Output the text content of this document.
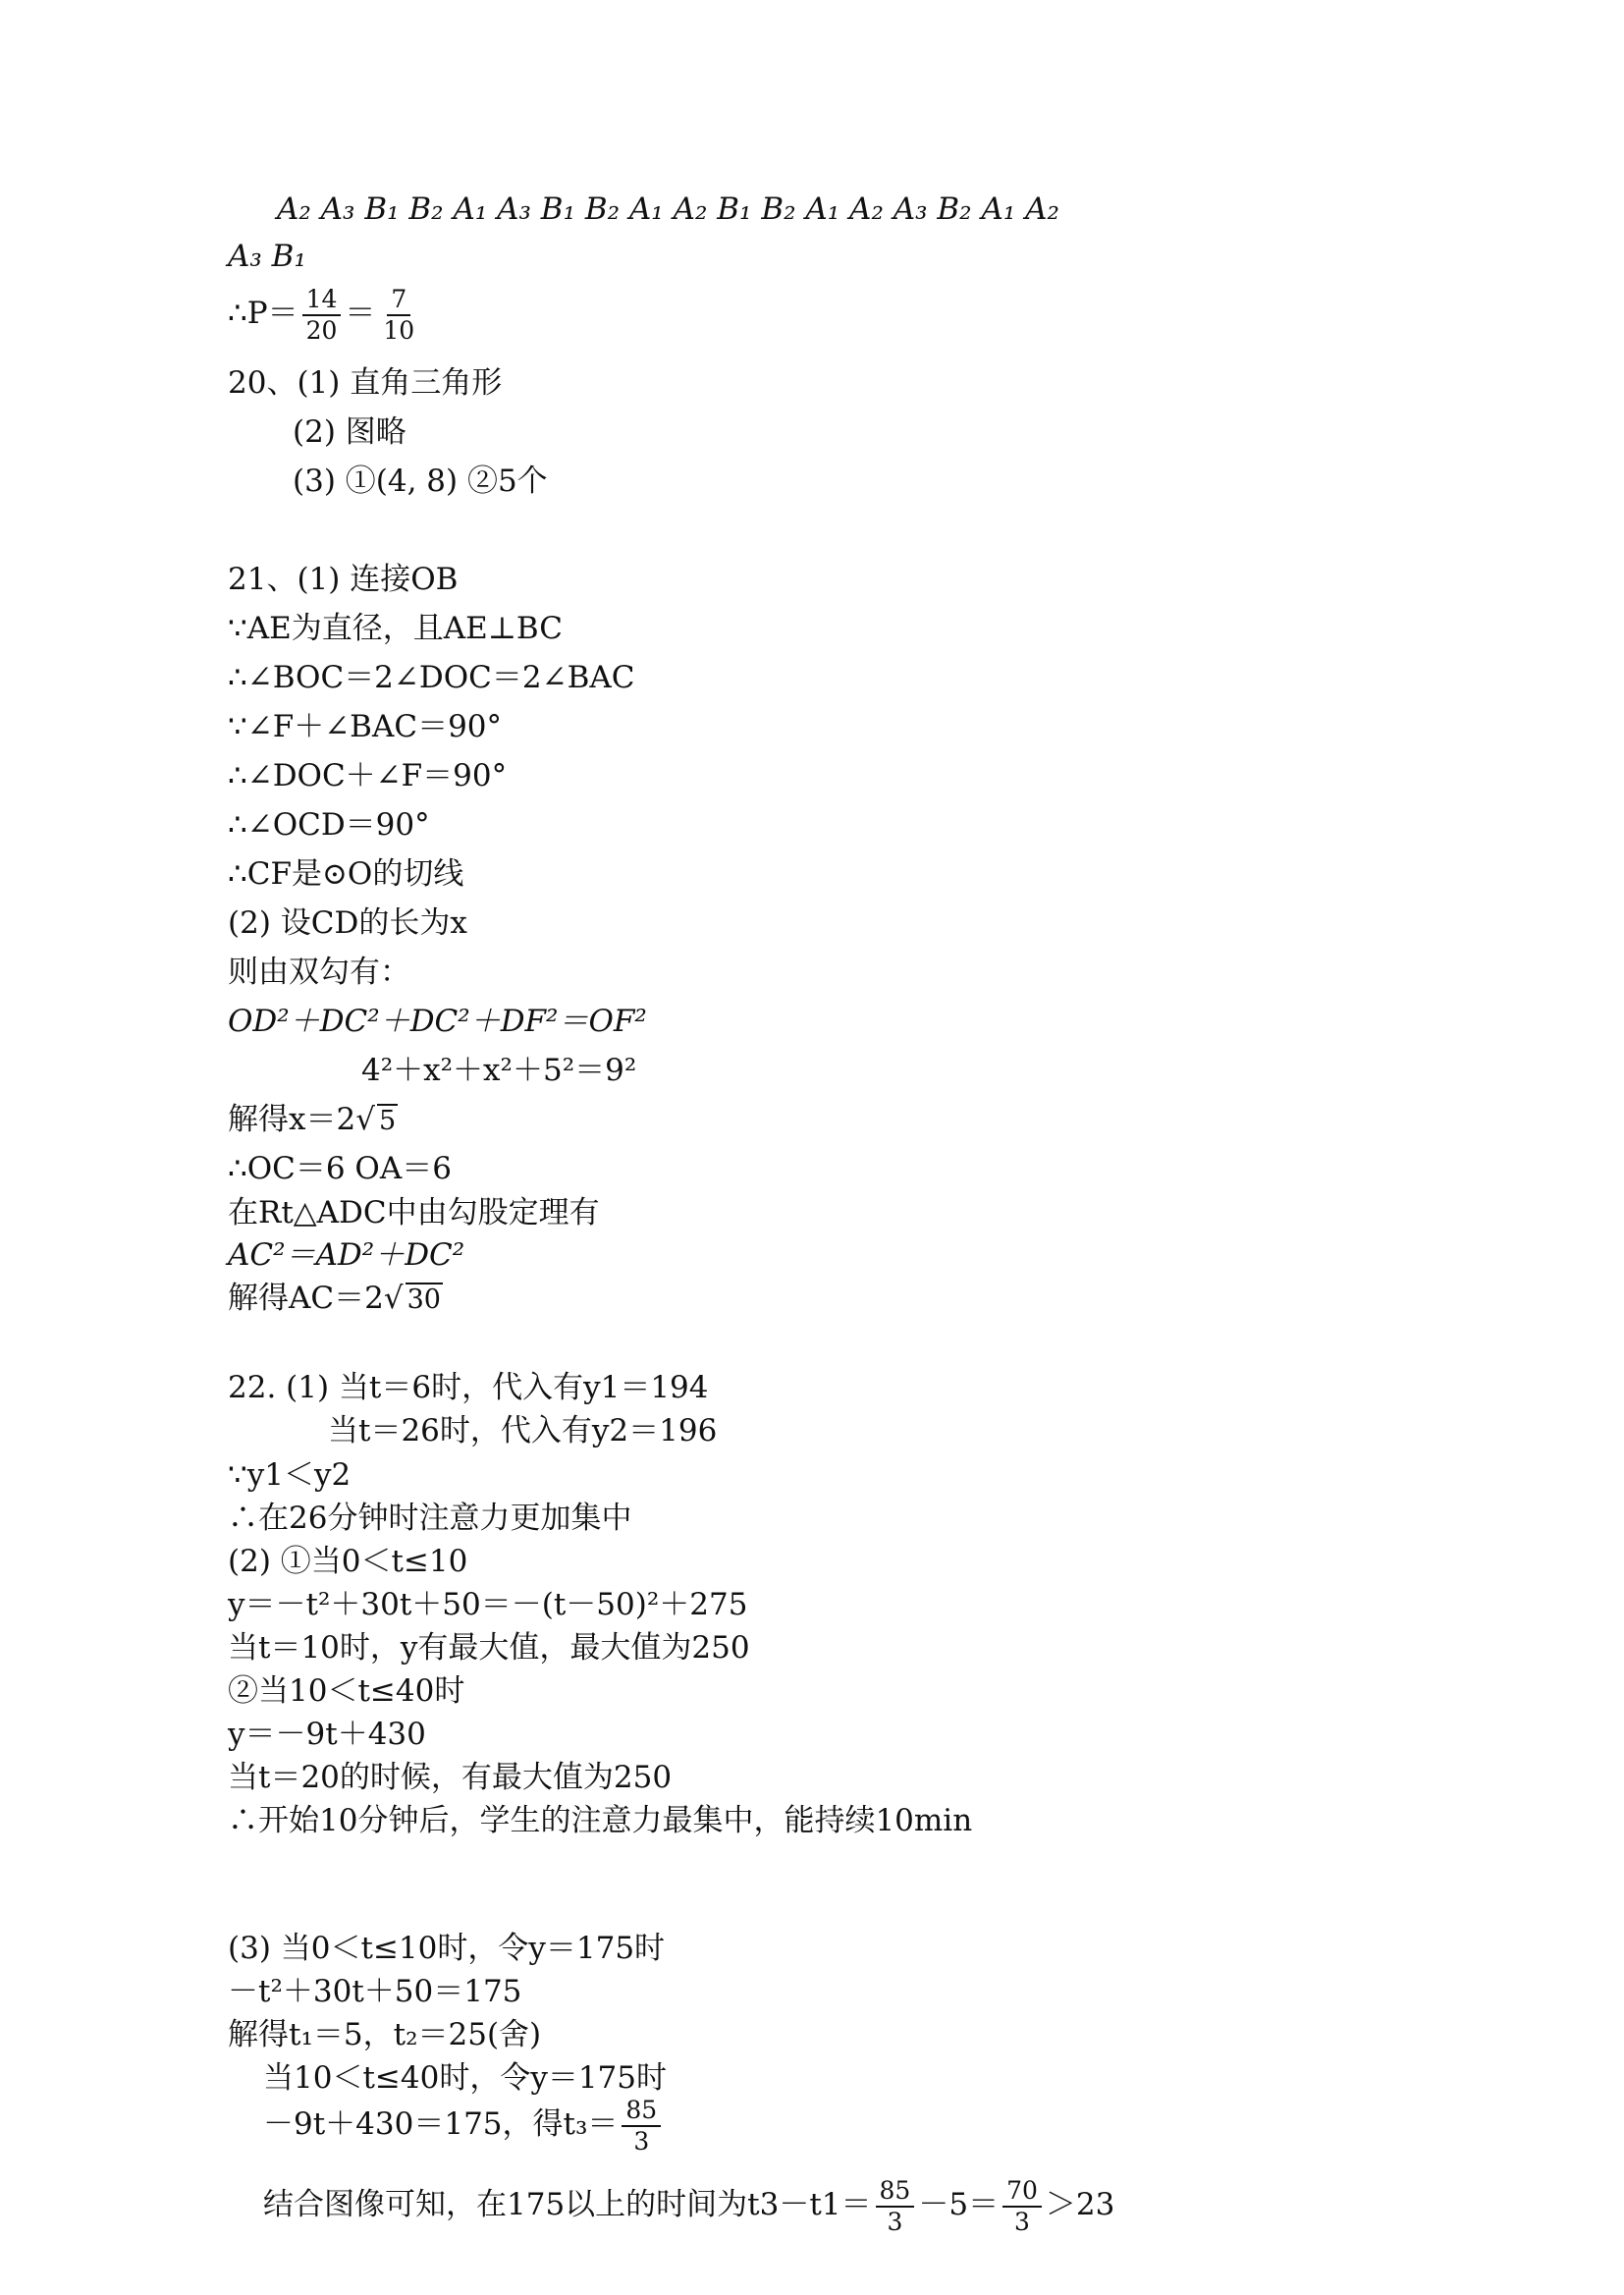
A₂ A₃ B₁ B₂ A₁ A₃ B₁ B₂ A₁ A₂ B₁ B₂ A₁ A₂ A₃ B₂ A₁ A₂
A₃ B₁
∴P＝ $\frac{14}{20} = \frac{7}{10}$
20、(1) 直角三角形
(2) 图略
(3) ①(4, 8) ②5个
21、(1) 连接OB
∵AE为直径，且AE⊥BC
∴∠BOC＝2∠DOC＝2∠BAC
∵∠F＋∠BAC＝90°
∴∠DOC＋∠F＝90°
∴∠OCD＝90°
∴CF是⊙O的切线
(2) 设CD的长为x
则由双勾有：
OD²＋DC²＋DC²＋DF²＝OF²
4²＋x²＋x²＋5²＝9²
解得x＝2√ 5
∴OC＝6 OA＝6
在Rt△ADC中由勾股定理有
AC²＝AD²＋DC²
解得AC＝2√ 30
22. (1) 当t＝6时，代入有y1＝194
当t＝26时，代入有y2＝196
∵y1＜y2
∴在26分钟时注意力更加集中
(2) ①当0＜t≤10
y＝－t²＋30t＋50＝－(t－50)²＋275
当t＝10时，y有最大值，最大值为250
②当10＜t≤40时
y＝－9t＋430
当t＝20的时候，有最大值为250
∴开始10分钟后，学生的注意力最集中，能持续10min
(3) 当0＜t≤10时，令y＝175时
－t²＋30t＋50＝175
解得t₁＝5，t₂＝25(舍)
当10＜t≤40时，令y＝175时
－9t＋430＝175，得$t_3= \frac{85}{3}$
结合图像可知，在175以上的时间为$t3-t1= \frac{85}{3} -5= \frac{70}{3} >23$
